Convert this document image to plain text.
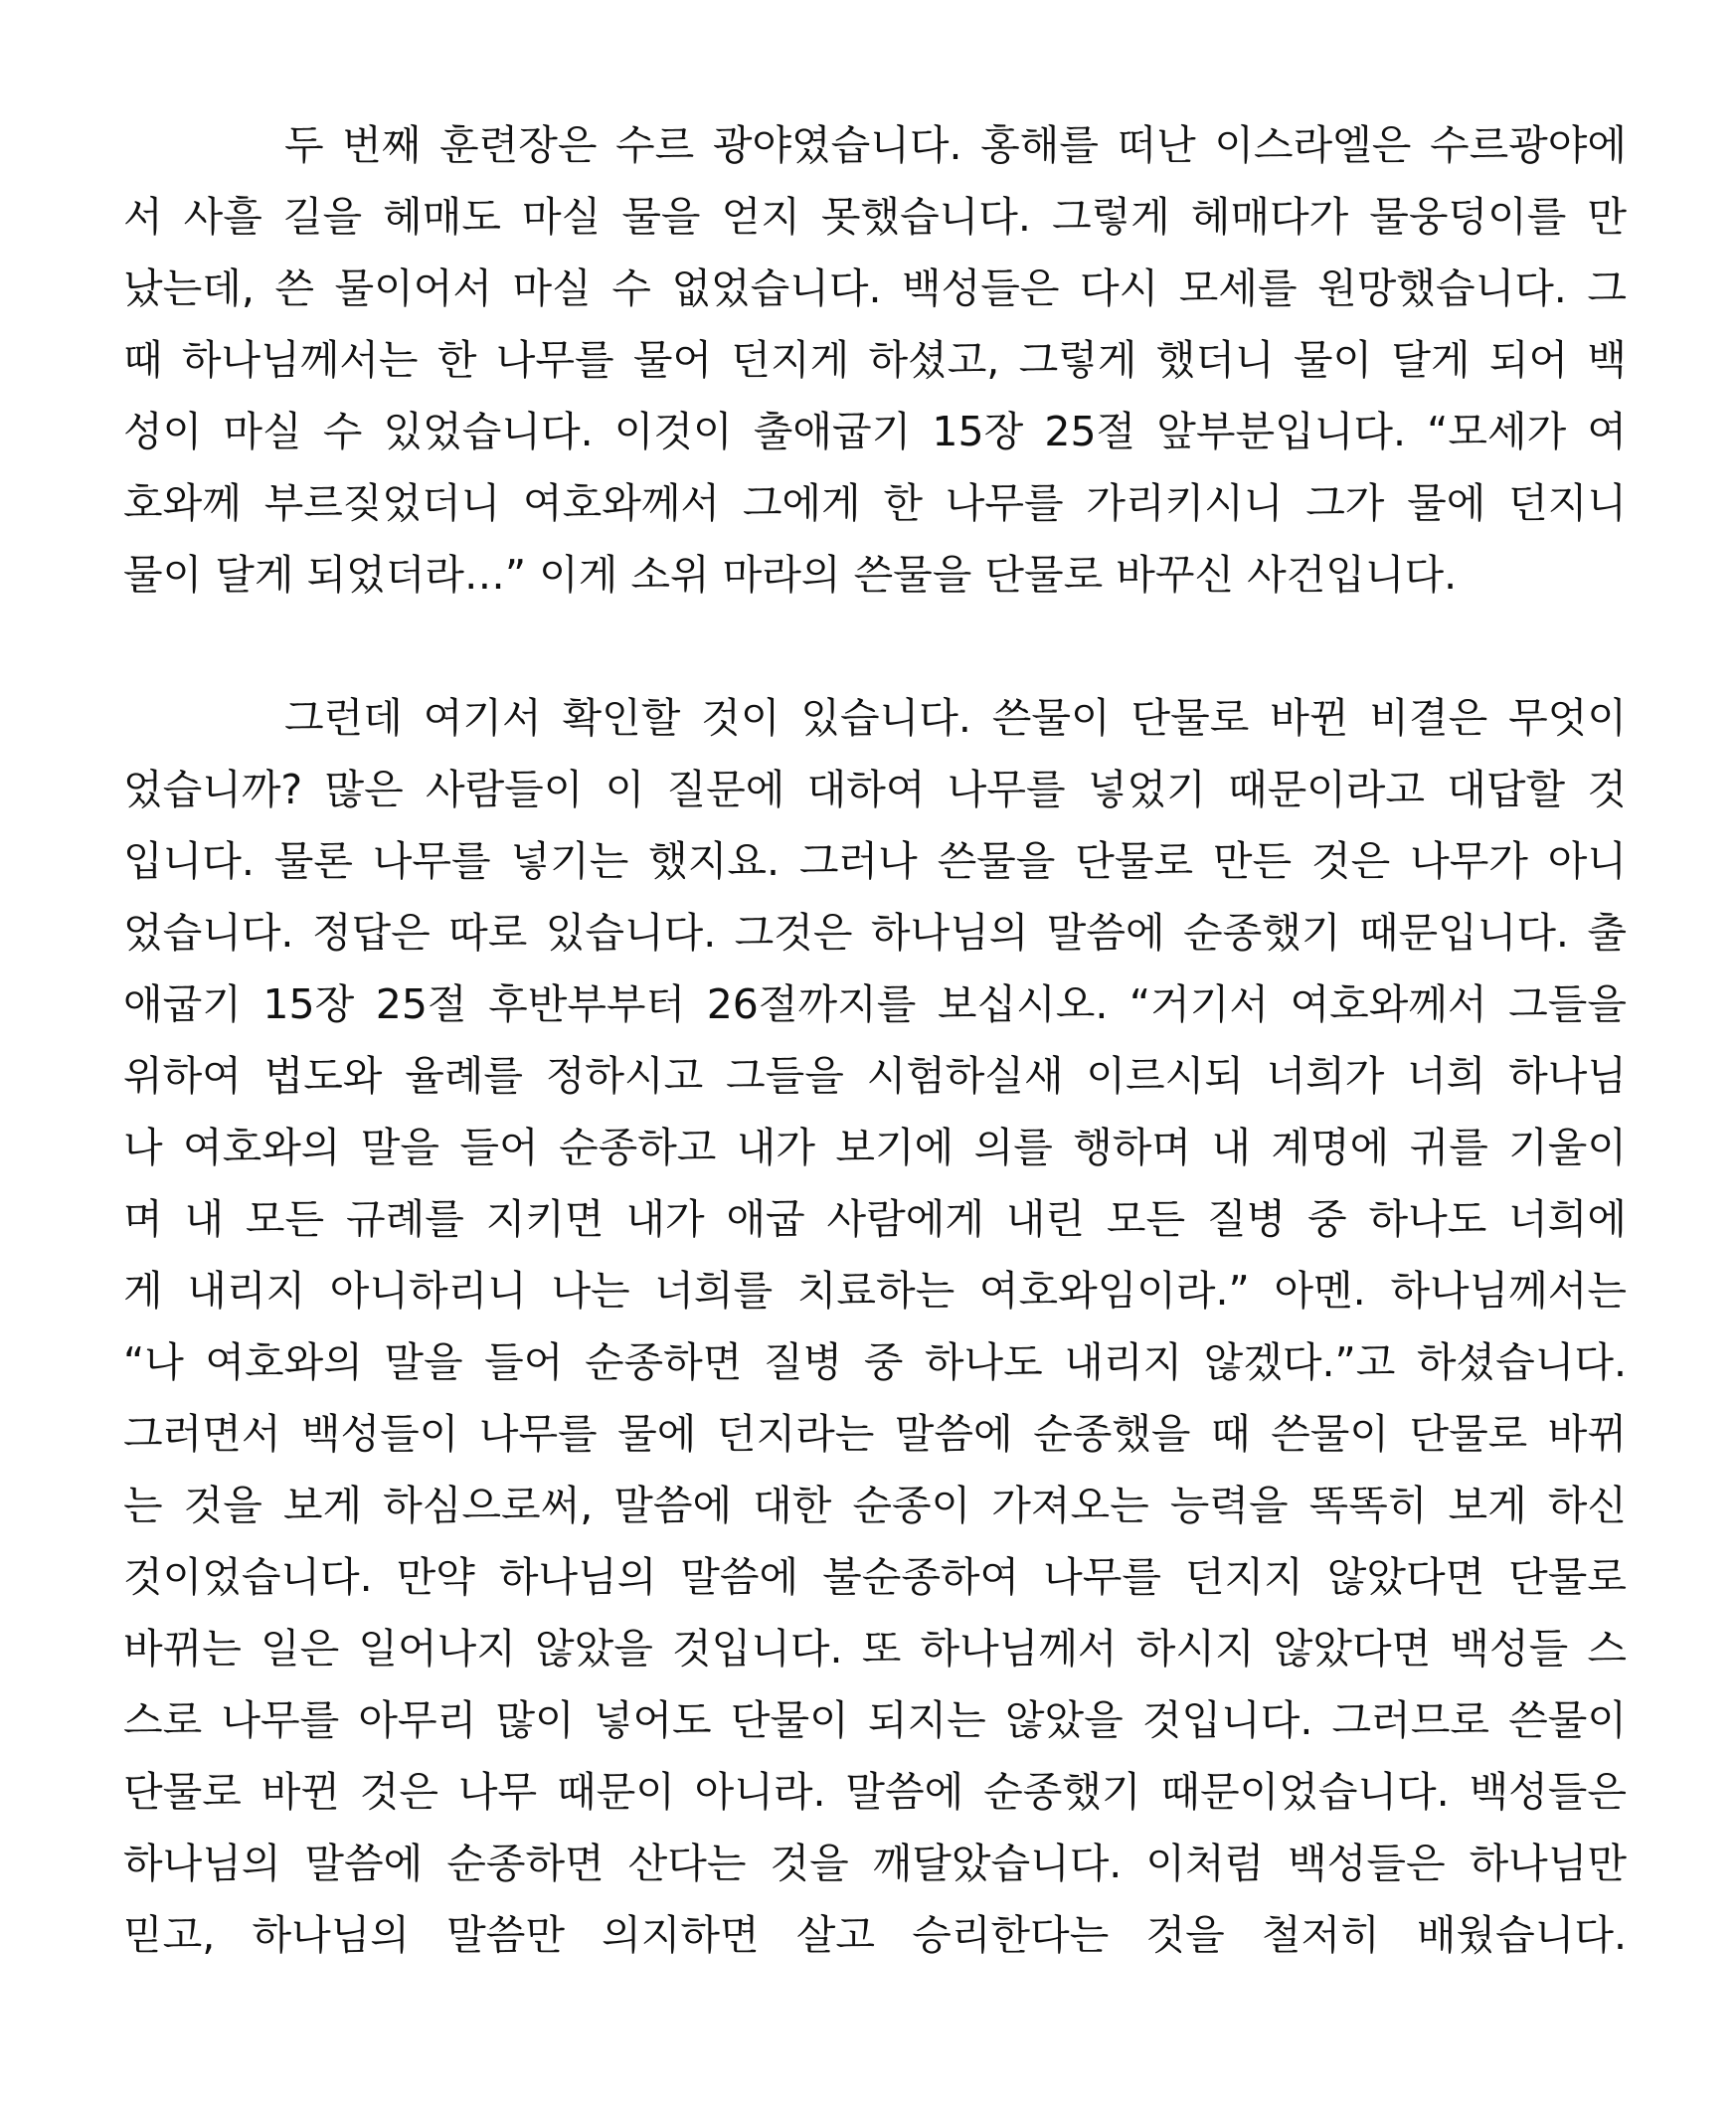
두 번째 훈련장은 수르 광야였습니다. 홍해를 떠난 이스라엘은 수르광야에
서 사흘 길을 헤매도 마실 물을 얻지 못했습니다. 그렇게 헤매다가 물웅덩이를 만
났는데, 쓴 물이어서 마실 수 없었습니다. 백성들은 다시 모세를 원망했습니다. 그
때 하나님께서는 한 나무를 물어 던지게 하셨고, 그렇게 했더니 물이 달게 되어 백
성이 마실 수 있었습니다. 이것이 출애굽기 15장 25절 앞부분입니다. “모세가 여
호와께 부르짖었더니 여호와께서 그에게 한 나무를 가리키시니 그가 물에 던지니
물이 달게 되었더라…” 이게 소위 마라의 쓴물을 단물로 바꾸신 사건입니다.
그런데 여기서 확인할 것이 있습니다. 쓴물이 단물로 바뀐 비결은 무엇이
었습니까? 많은 사람들이 이 질문에 대하여 나무를 넣었기 때문이라고 대답할 것
입니다. 물론 나무를 넣기는 했지요. 그러나 쓴물을 단물로 만든 것은 나무가 아니
었습니다. 정답은 따로 있습니다. 그것은 하나님의 말씀에 순종했기 때문입니다. 출
애굽기 15장 25절 후반부부터 26절까지를 보십시오. “거기서 여호와께서 그들을
위하여 법도와 율례를 정하시고 그들을 시험하실새 이르시되 너희가 너희 하나님
나 여호와의 말을 들어 순종하고 내가 보기에 의를 행하며 내 계명에 귀를 기울이
며 내 모든 규례를 지키면 내가 애굽 사람에게 내린 모든 질병 중 하나도 너희에
게 내리지 아니하리니 나는 너희를 치료하는 여호와임이라.” 아멘. 하나님께서는
“나 여호와의 말을 들어 순종하면 질병 중 하나도 내리지 않겠다.”고 하셨습니다.
그러면서 백성들이 나무를 물에 던지라는 말씀에 순종했을 때 쓴물이 단물로 바뀌
는 것을 보게 하심으로써, 말씀에 대한 순종이 가져오는 능력을 똑똑히 보게 하신
것이었습니다. 만약 하나님의 말씀에 불순종하여 나무를 던지지 않았다면 단물로
바뀌는 일은 일어나지 않았을 것입니다. 또 하나님께서 하시지 않았다면 백성들 스
스로 나무를 아무리 많이 넣어도 단물이 되지는 않았을 것입니다. 그러므로 쓴물이
단물로 바뀐 것은 나무 때문이 아니라. 말씀에 순종했기 때문이었습니다. 백성들은
하나님의 말씀에 순종하면 산다는 것을 깨달았습니다. 이처럼 백성들은 하나님만
믿고, 하나님의 말씀만 의지하면 살고 승리한다는 것을 철저히 배웠습니다.
